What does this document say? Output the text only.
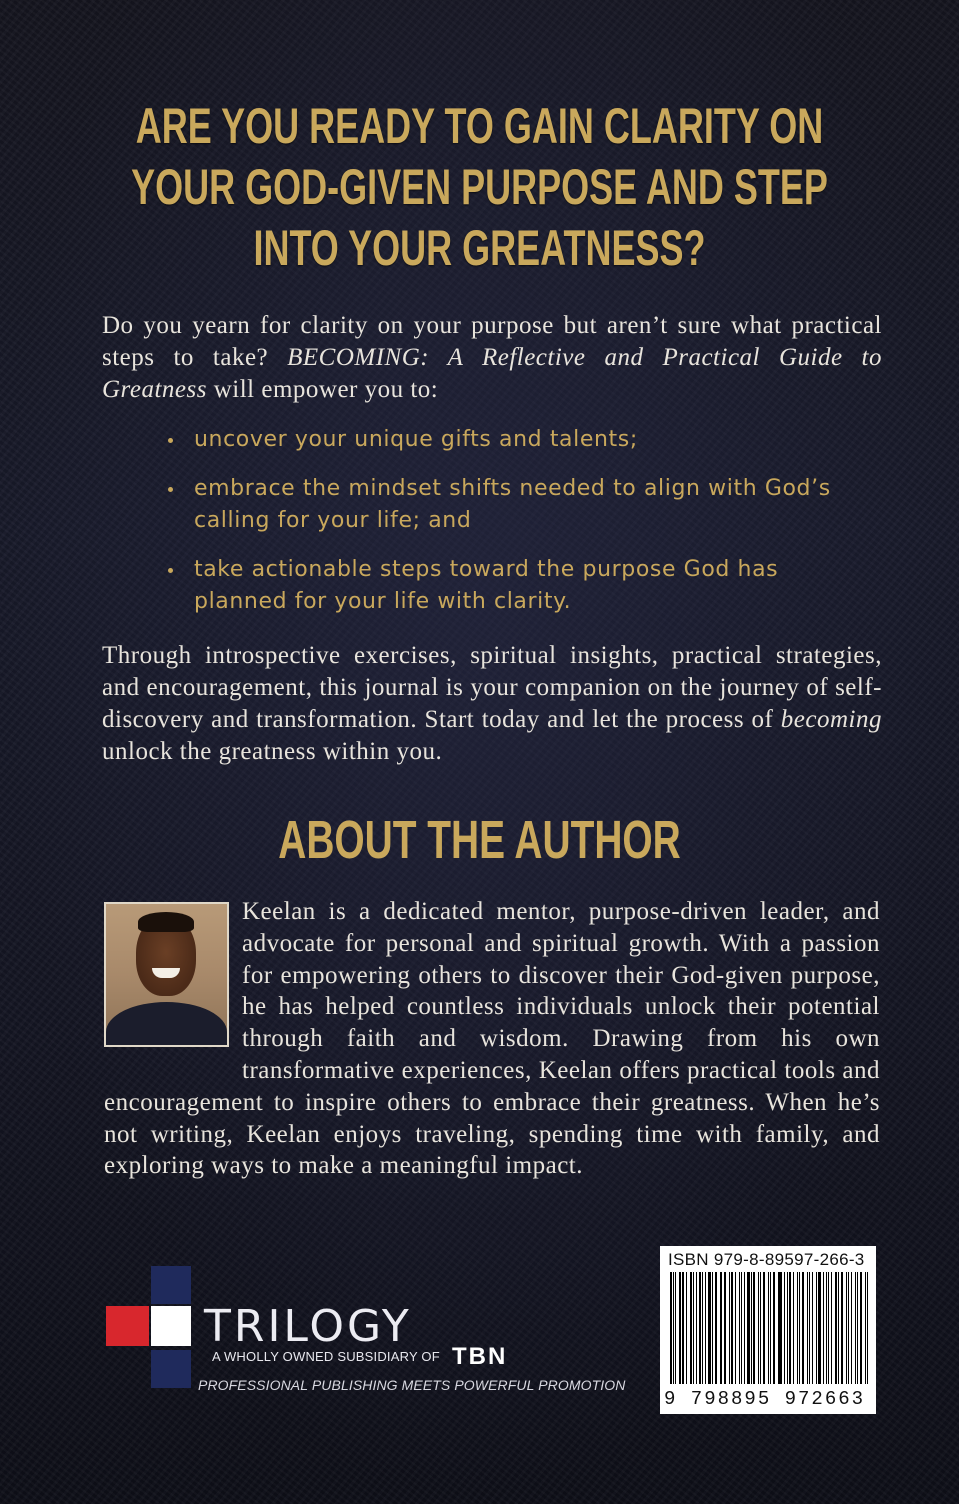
ARE YOU READY TO GAIN CLARITY ON
YOUR GOD-GIVEN PURPOSE AND STEP
INTO YOUR GREATNESS?
Do you yearn for clarity on your purpose but aren’t sure what practical steps to take? BECOMING: A Reflective and Practical Guide to Greatness will empower you to:
uncover your unique gifts and talents;
embrace the mindset shifts needed to align with God’s calling for your life; and
take actionable steps toward the purpose God has planned for your life with clarity.
Through introspective exercises, spiritual insights, practical strategies, and encouragement, this journal is your companion on the journey of self-discovery and transformation. Start today and let the process of becoming unlock the greatness within you.
ABOUT THE AUTHOR
Keelan is a dedicated mentor, purpose-driven leader, and advocate for personal and spiritual growth. With a passion for empowering others to discover their God-given purpose, he has helped countless individuals unlock their potential through faith and wisdom. Drawing from his own transformative experiences, Keelan offers practical tools and encouragement to inspire others to embrace their greatness. When he’s not writing, Keelan enjoys traveling, spending time with family, and exploring ways to make a meaningful impact.
TRILOGY
A WHOLLY OWNED SUBSIDIARY OF TBN
PROFESSIONAL PUBLISHING MEETS POWERFUL PROMOTION
ISBN 979-8-89597-266-3
9 798895 972663
